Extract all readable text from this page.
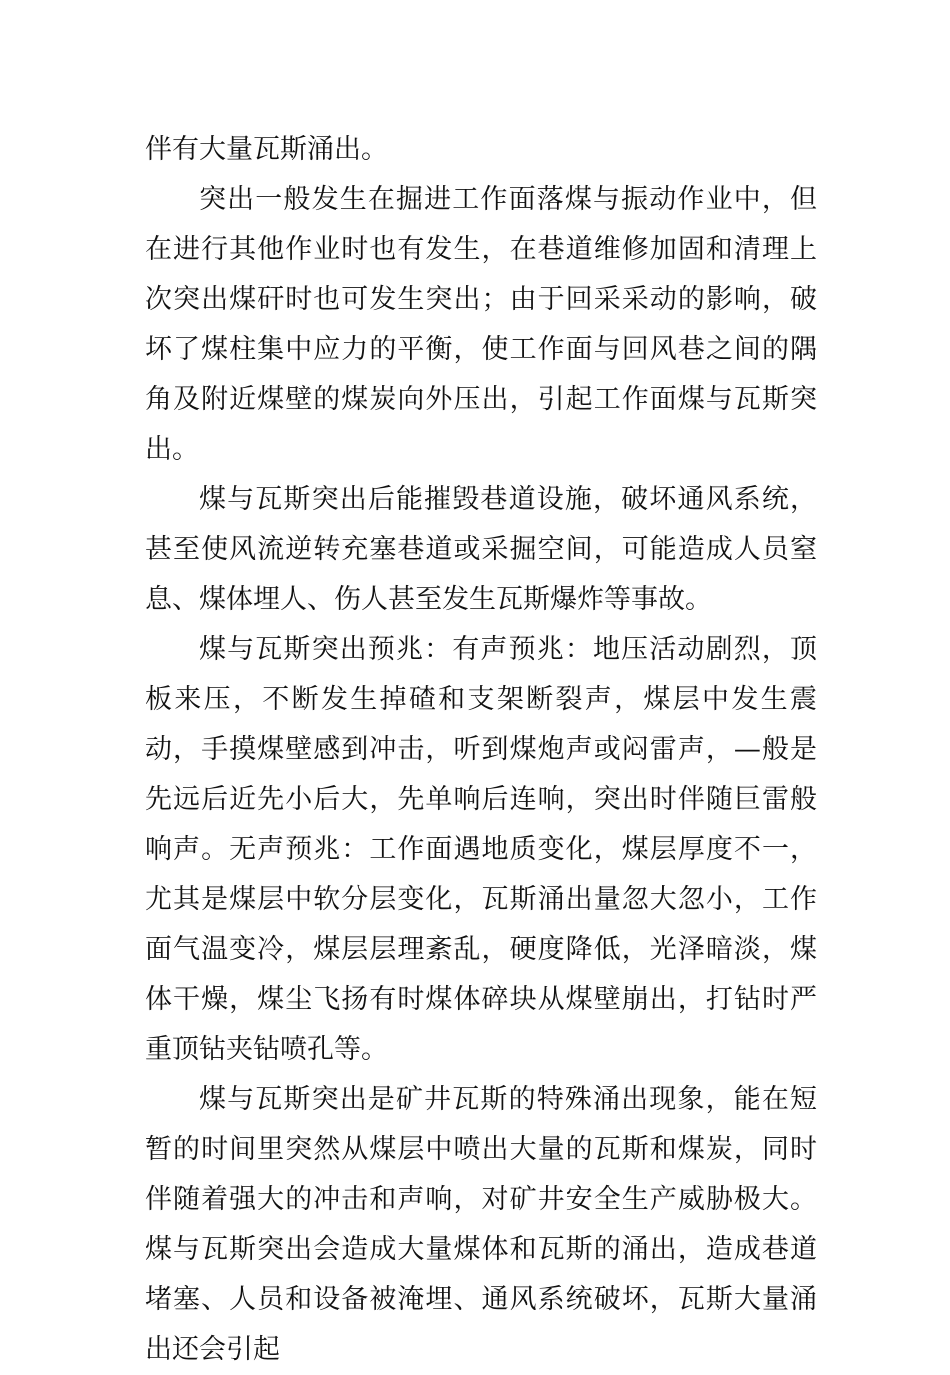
伴有大量瓦斯涌出。

突出一般发生在掘进工作面落煤与振动作业中，但在进行其他作业时也有发生，在巷道维修加固和清理上次突出煤矸时也可发生突出；由于回采采动的影响，破坏了煤柱集中应力的平衡，使工作面与回风巷之间的隅角及附近煤壁的煤炭向外压出，引起工作面煤与瓦斯突出。

煤与瓦斯突出后能摧毁巷道设施，破坏通风系统，甚至使风流逆转充塞巷道或采掘空间，可能造成人员窒息、煤体埋人、伤人甚至发生瓦斯爆炸等事故。

煤与瓦斯突出预兆：有声预兆：地压活动剧烈，顶板来压，不断发生掉碴和支架断裂声，煤层中发生震动，手摸煤壁感到冲击，听到煤炮声或闷雷声，—般是先远后近先小后大，先单响后连响，突出时伴随巨雷般响声。无声预兆：工作面遇地质变化，煤层厚度不一，尤其是煤层中软分层变化，瓦斯涌出量忽大忽小，工作面气温变冷，煤层层理紊乱，硬度降低，光泽暗淡，煤体干燥，煤尘飞扬有时煤体碎块从煤壁崩出，打钻时严重顶钻夹钻喷孔等。

煤与瓦斯突出是矿井瓦斯的特殊涌出现象，能在短暂的时间里突然从煤层中喷出大量的瓦斯和煤炭，同时伴随着强大的冲击和声响，对矿井安全生产威胁极大。煤与瓦斯突出会造成大量煤体和瓦斯的涌出，造成巷道堵塞、人员和设备被淹埋、通风系统破坏，瓦斯大量涌出还会引起
